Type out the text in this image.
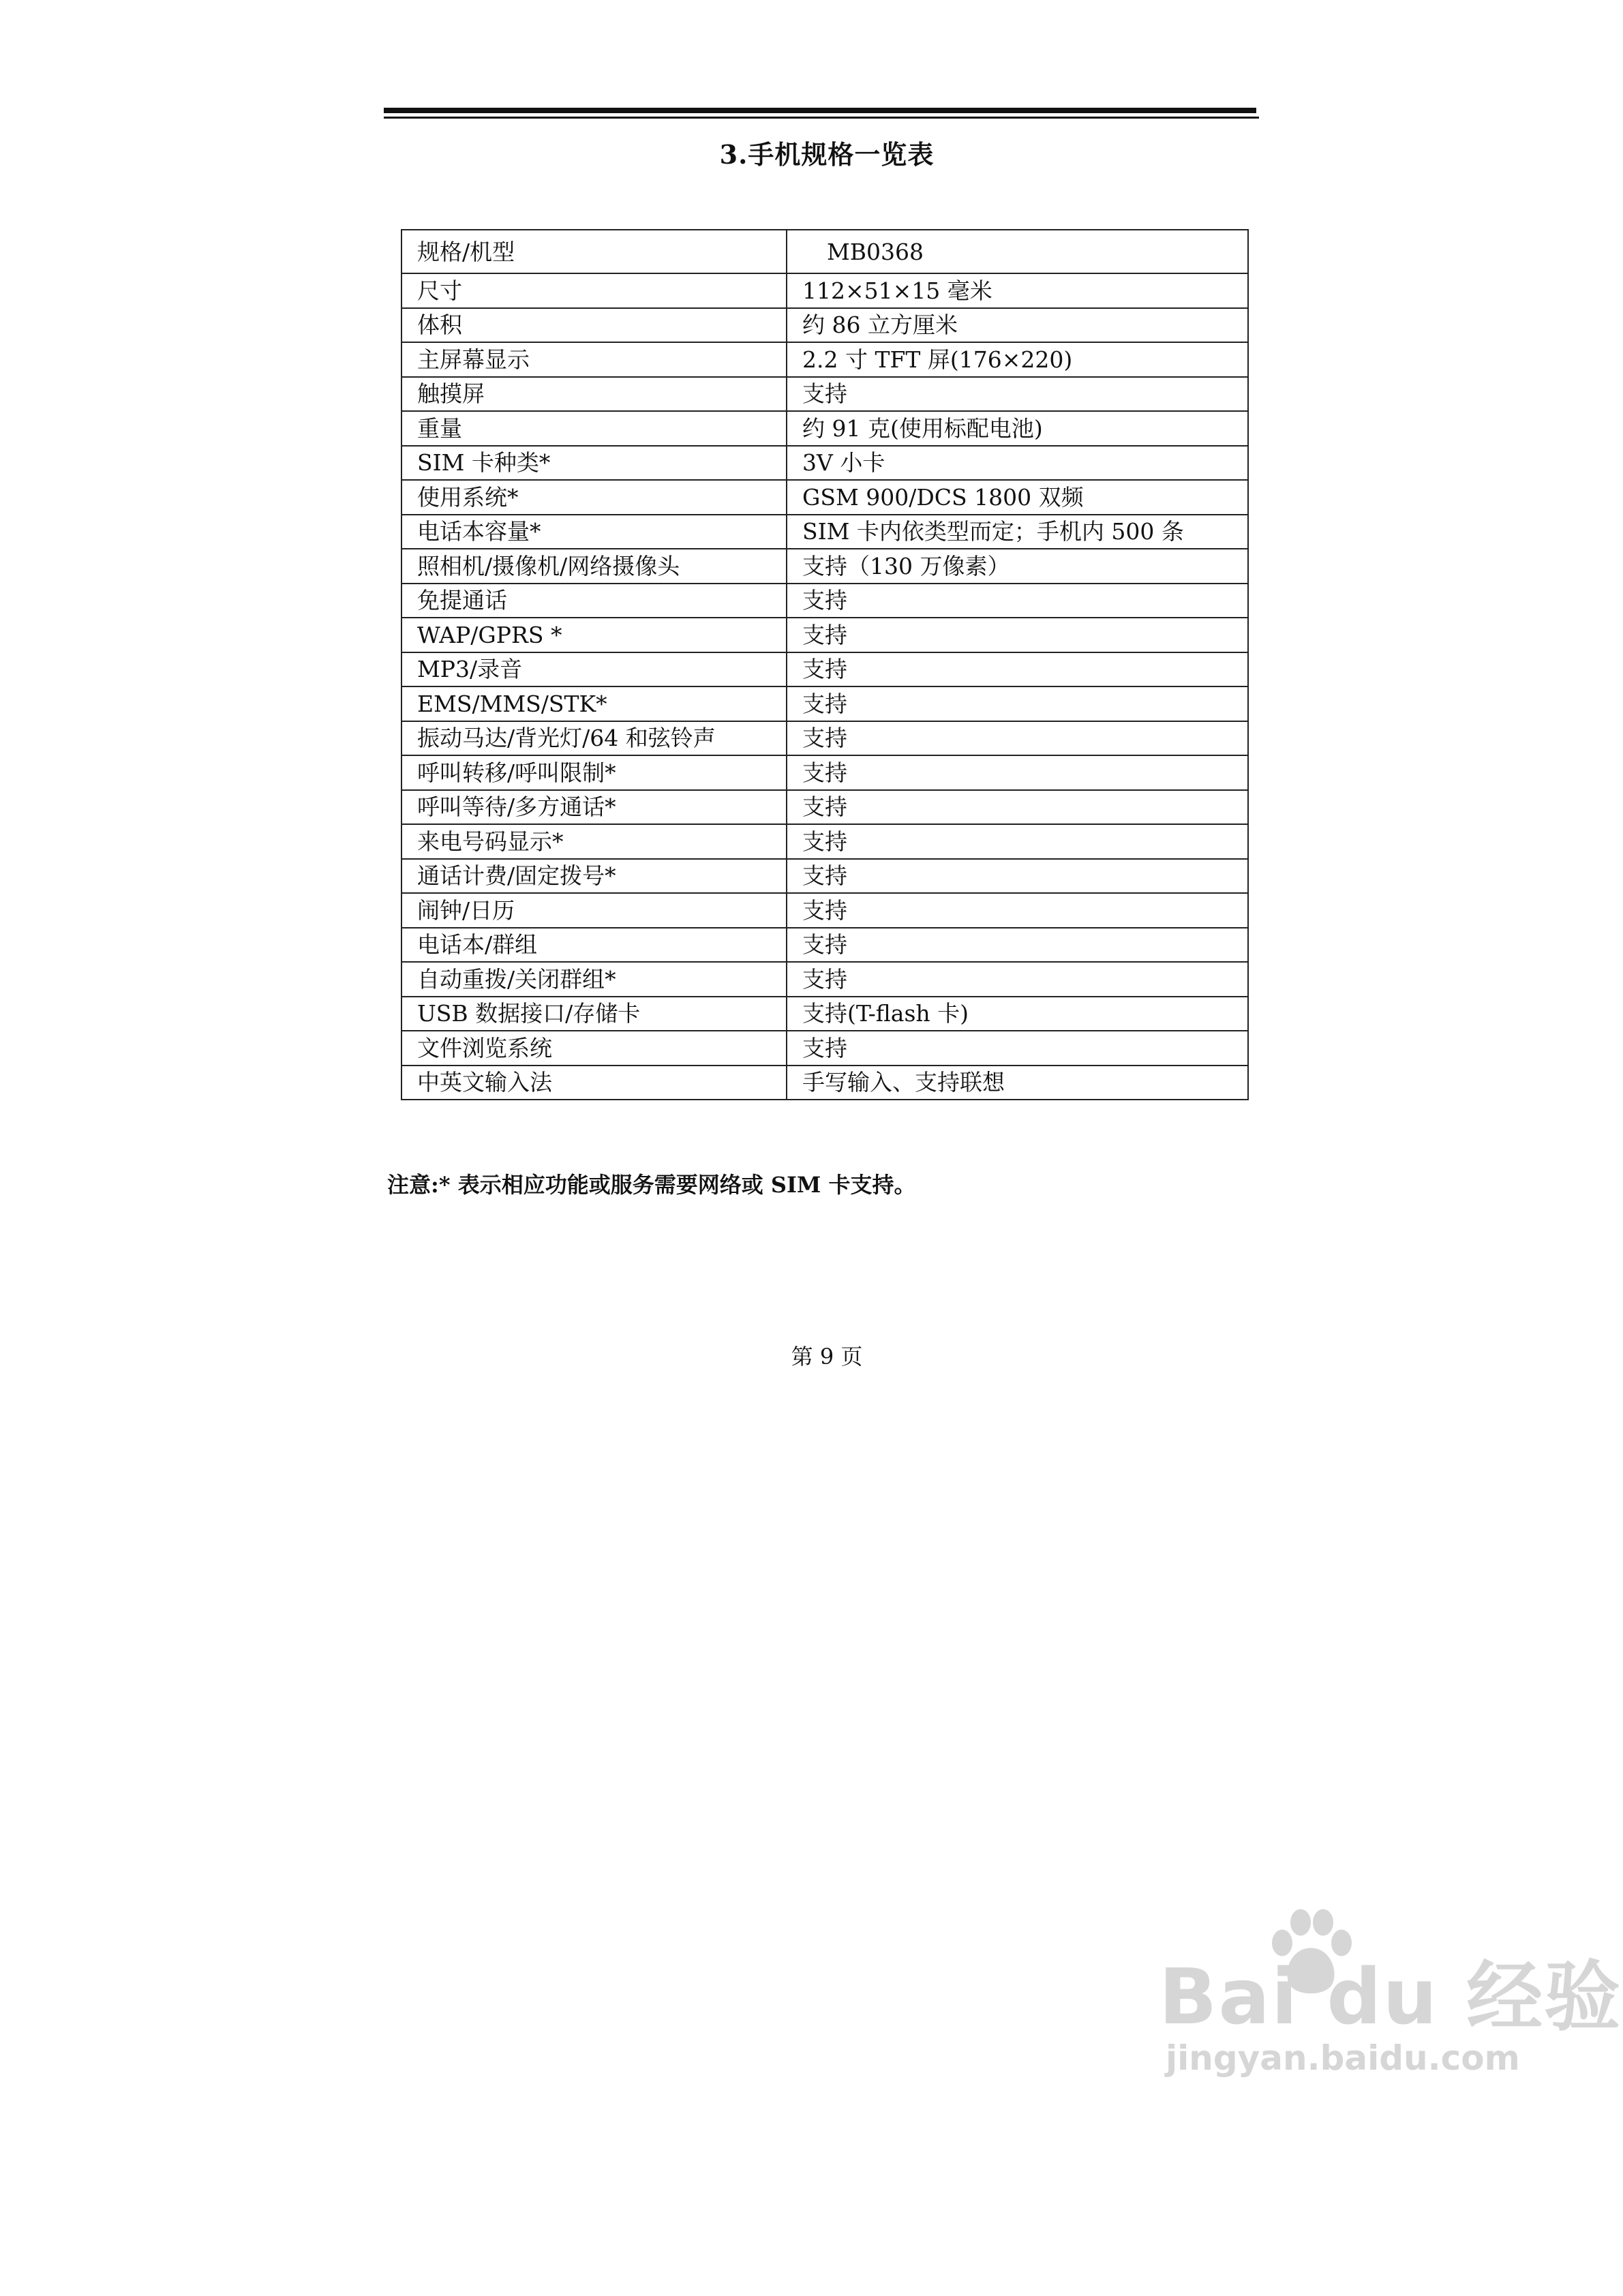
3.手机规格一览表
规格/机型	MB0368
尺寸	112×51×15 毫米
体积	约 86 立方厘米
主屏幕显示	2.2 寸 TFT 屏(176×220)
触摸屏	支持
重量	约 91 克(使用标配电池)
SIM 卡种类*	3V 小卡
使用系统*	GSM 900/DCS 1800 双频
电话本容量*	SIM 卡内依类型而定；手机内 500 条
照相机/摄像机/网络摄像头	支持（130 万像素）
免提通话	支持
WAP/GPRS *	支持
MP3/录音	支持
EMS/MMS/STK*	支持
振动马达/背光灯/64 和弦铃声	支持
呼叫转移/呼叫限制*	支持
呼叫等待/多方通话*	支持
来电号码显示*	支持
通话计费/固定拨号*	支持
闹钟/日历	支持
电话本/群组	支持
自动重拨/关闭群组*	支持
USB 数据接口/存储卡	支持(T-flash 卡)
文件浏览系统	支持
中英文输入法	手写输入、支持联想
注意:* 表示相应功能或服务需要网络或 SIM 卡支持。
第 9 页
Bai du 经验
jingyan.baidu.com
